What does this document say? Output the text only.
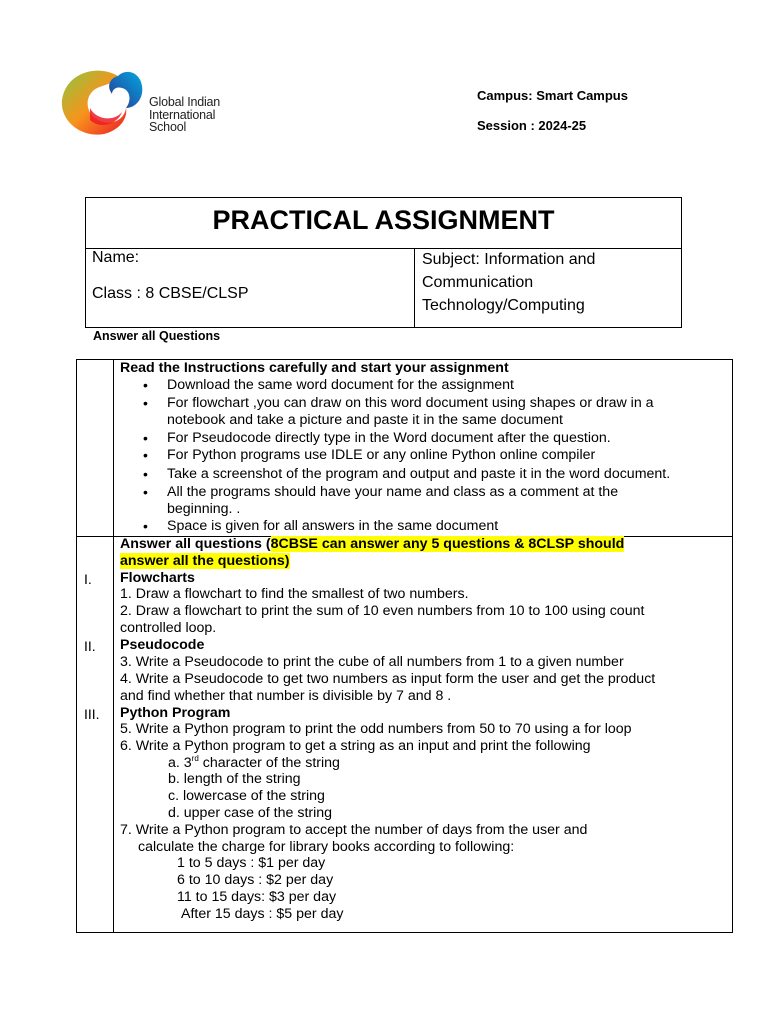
Global Indian
International
School
Campus: Smart Campus
Session : 2024-25
PRACTICAL ASSIGNMENT
Name:
Class : 8 CBSE/CLSP
Subject: Information and
Communication
Technology/Computing
Answer all Questions
Read the Instructions carefully and start your assignment
• Download the same word document for the assignment
• For flowchart ,you can draw on this word document using shapes or draw in a
notebook and take a picture and paste it in the same document
• For Pseudocode directly type in the Word document after the question.
• For Python programs use IDLE or any online Python online compiler
• Take a screenshot of the program and output and paste it in the word document.
• All the programs should have your name and class as a comment at the
beginning. .
• Space is given for all answers in the same document
Answer all questions (8CBSE can answer any 5 questions & 8CLSP should
answer all the questions)
I. Flowcharts
1. Draw a flowchart to find the smallest of two numbers.
2. Draw a flowchart to print the sum of 10 even numbers from 10 to 100 using count
controlled loop.
II. Pseudocode
3. Write a Pseudocode to print the cube of all numbers from 1 to a given number
4. Write a Pseudocode to get two numbers as input form the user and get the product
and find whether that number is divisible by 7 and 8 .
III. Python Program
5. Write a Python program to print the odd numbers from 50 to 70 using a for loop
6. Write a Python program to get a string as an input and print the following
a. 3rd character of the string
b. length of the string
c. lowercase of the string
d. upper case of the string
7. Write a Python program to accept the number of days from the user and
calculate the charge for library books according to following:
1 to 5 days : $1 per day
6 to 10 days : $2 per day
11 to 15 days: $3 per day
After 15 days : $5 per day
